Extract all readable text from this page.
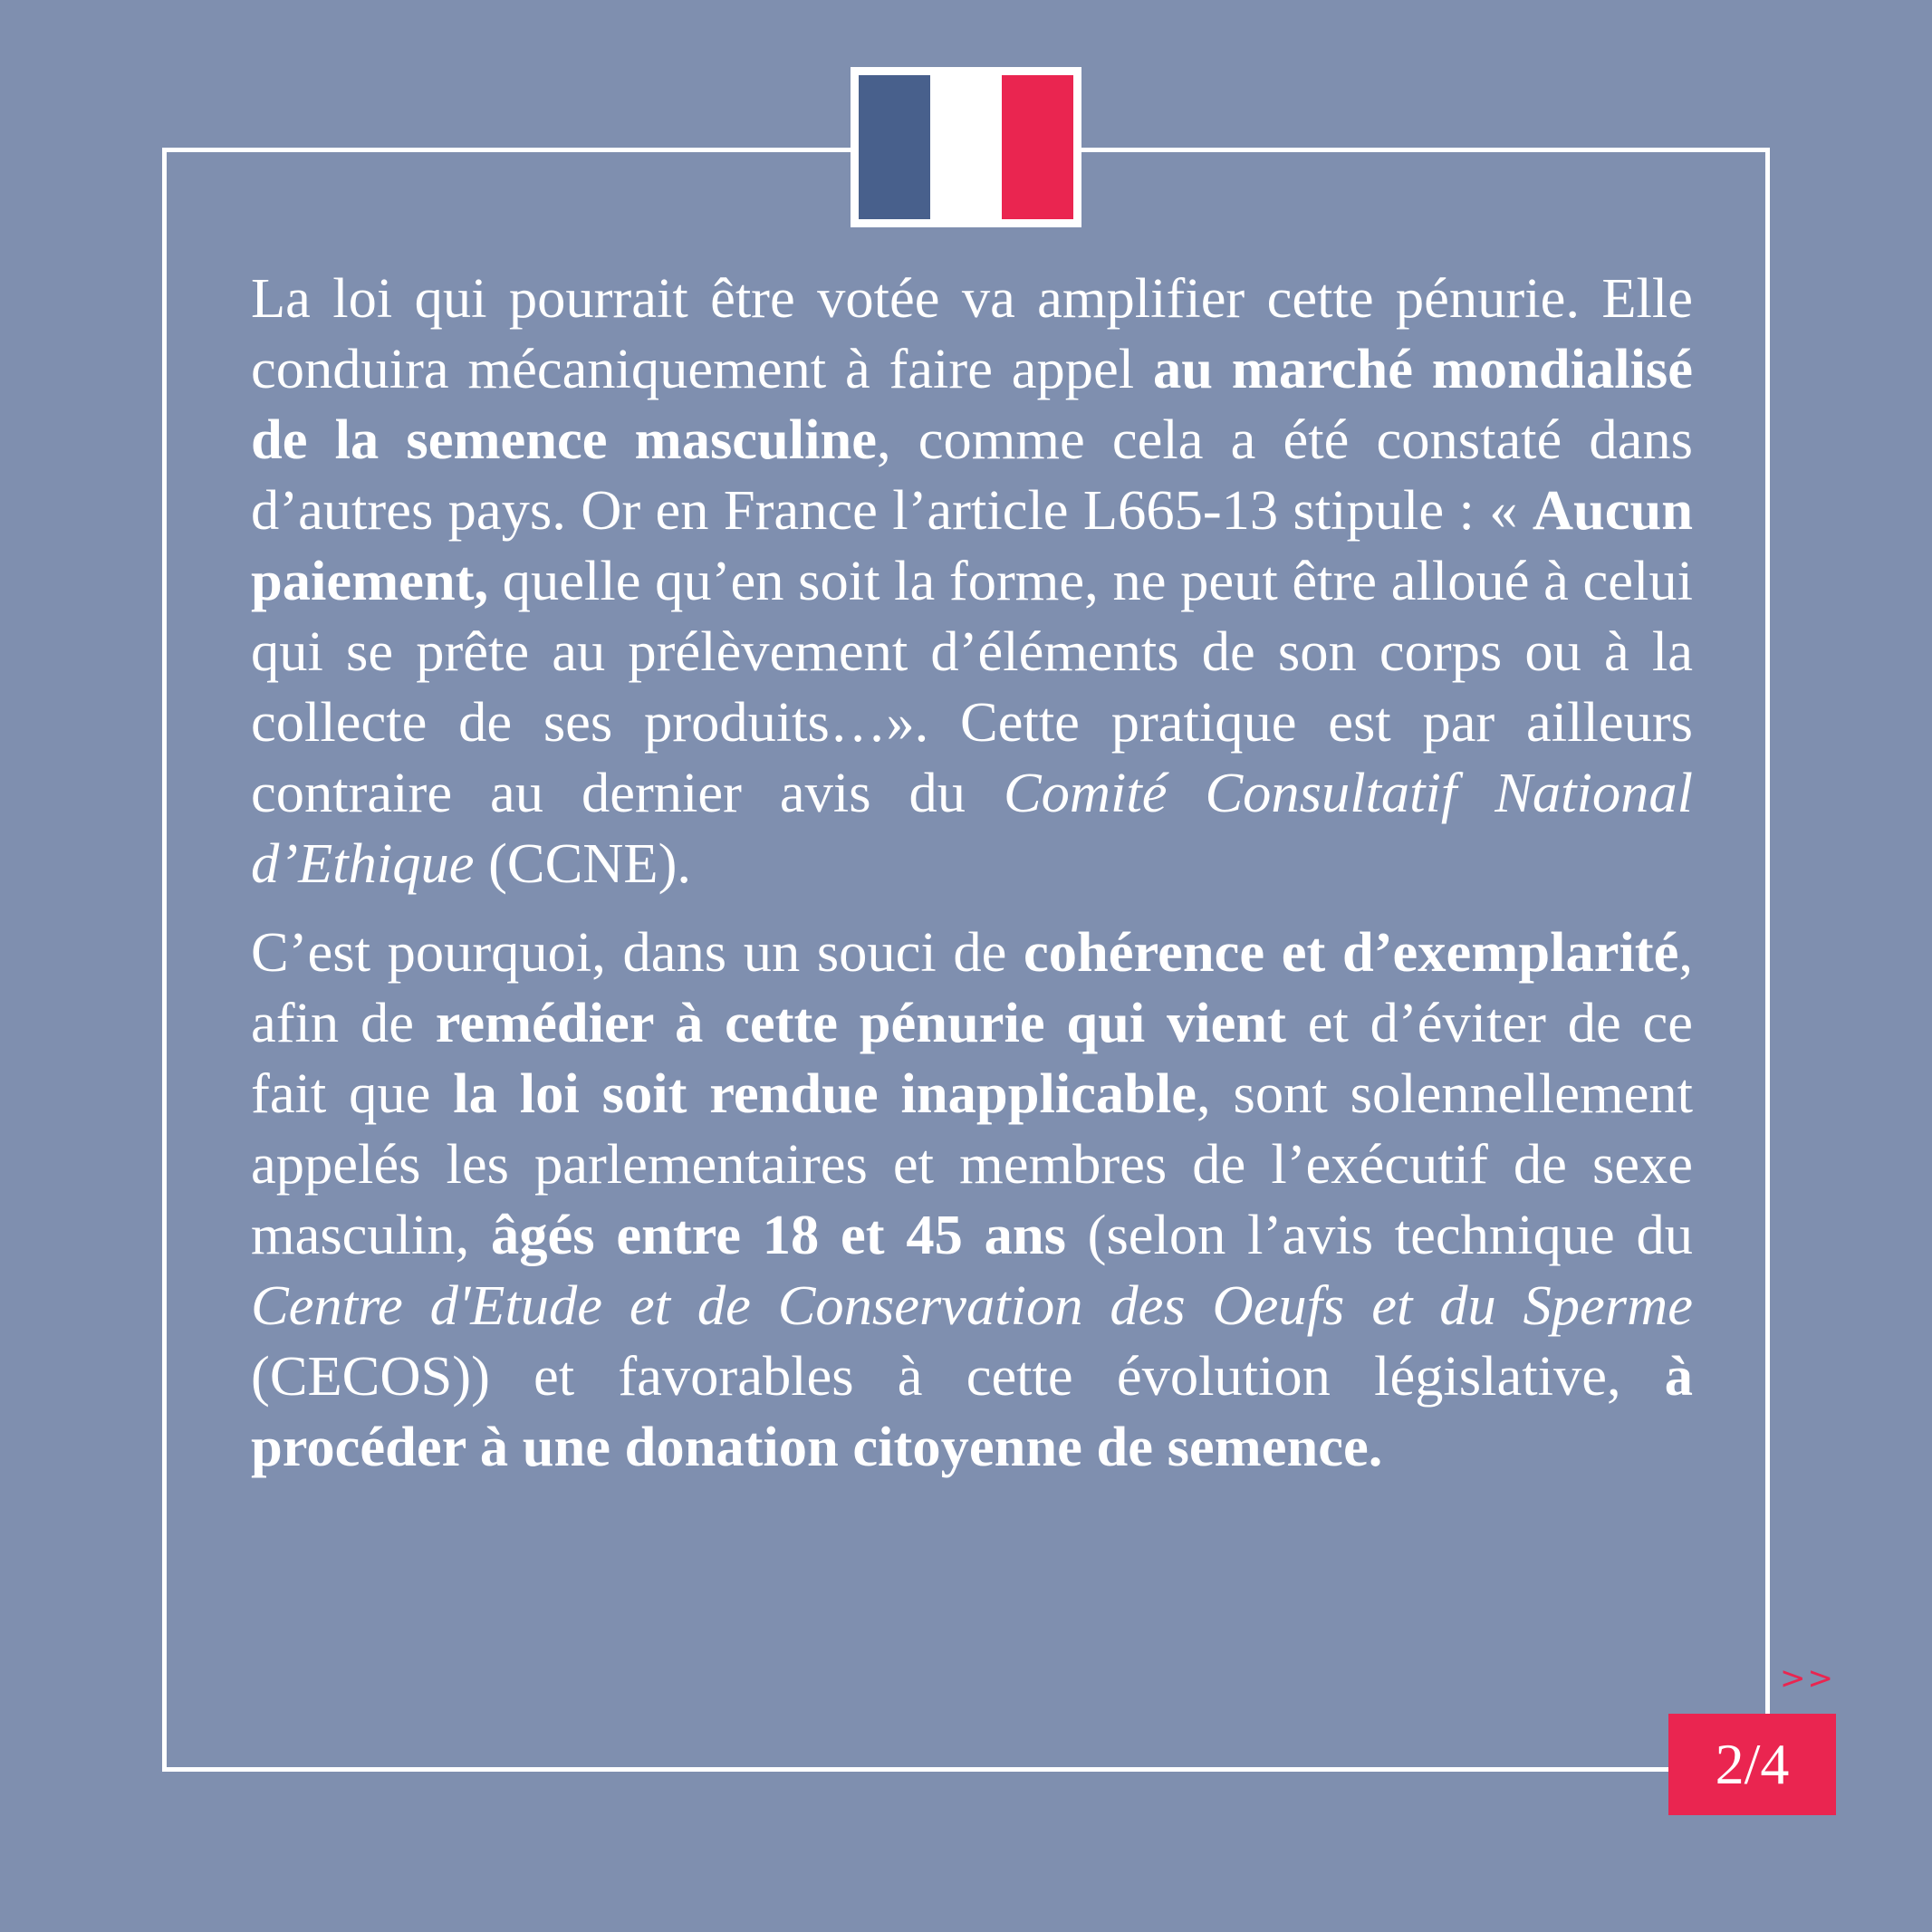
La loi qui pourrait être votée va amplifier cette pénurie. Elle conduira mécaniquement à faire appel au marché mondialisé de la semence masculine, comme cela a été constaté dans d’autres pays. Or en France l’article L665-13 stipule : « Aucun paiement, quelle qu’en soit la forme, ne peut être alloué à celui qui se prête au prélèvement d’éléments de son corps ou à la collecte de ses produits…». Cette pratique est par ailleurs contraire au dernier avis du Comité Consultatif National d’Ethique (CCNE).

C’est pourquoi, dans un souci de cohérence et d’exemplarité, afin de remédier à cette pénurie qui vient et d’éviter de ce fait que la loi soit rendue inapplicable, sont solennellement appelés les parlementaires et membres de l’exécutif de sexe masculin, âgés entre 18 et 45 ans (selon l’avis technique du Centre d'Etude et de Conservation des Oeufs et du Sperme (CECOS)) et favorables à cette évolution législative, à procéder à une donation citoyenne de semence.

>>
2/4
